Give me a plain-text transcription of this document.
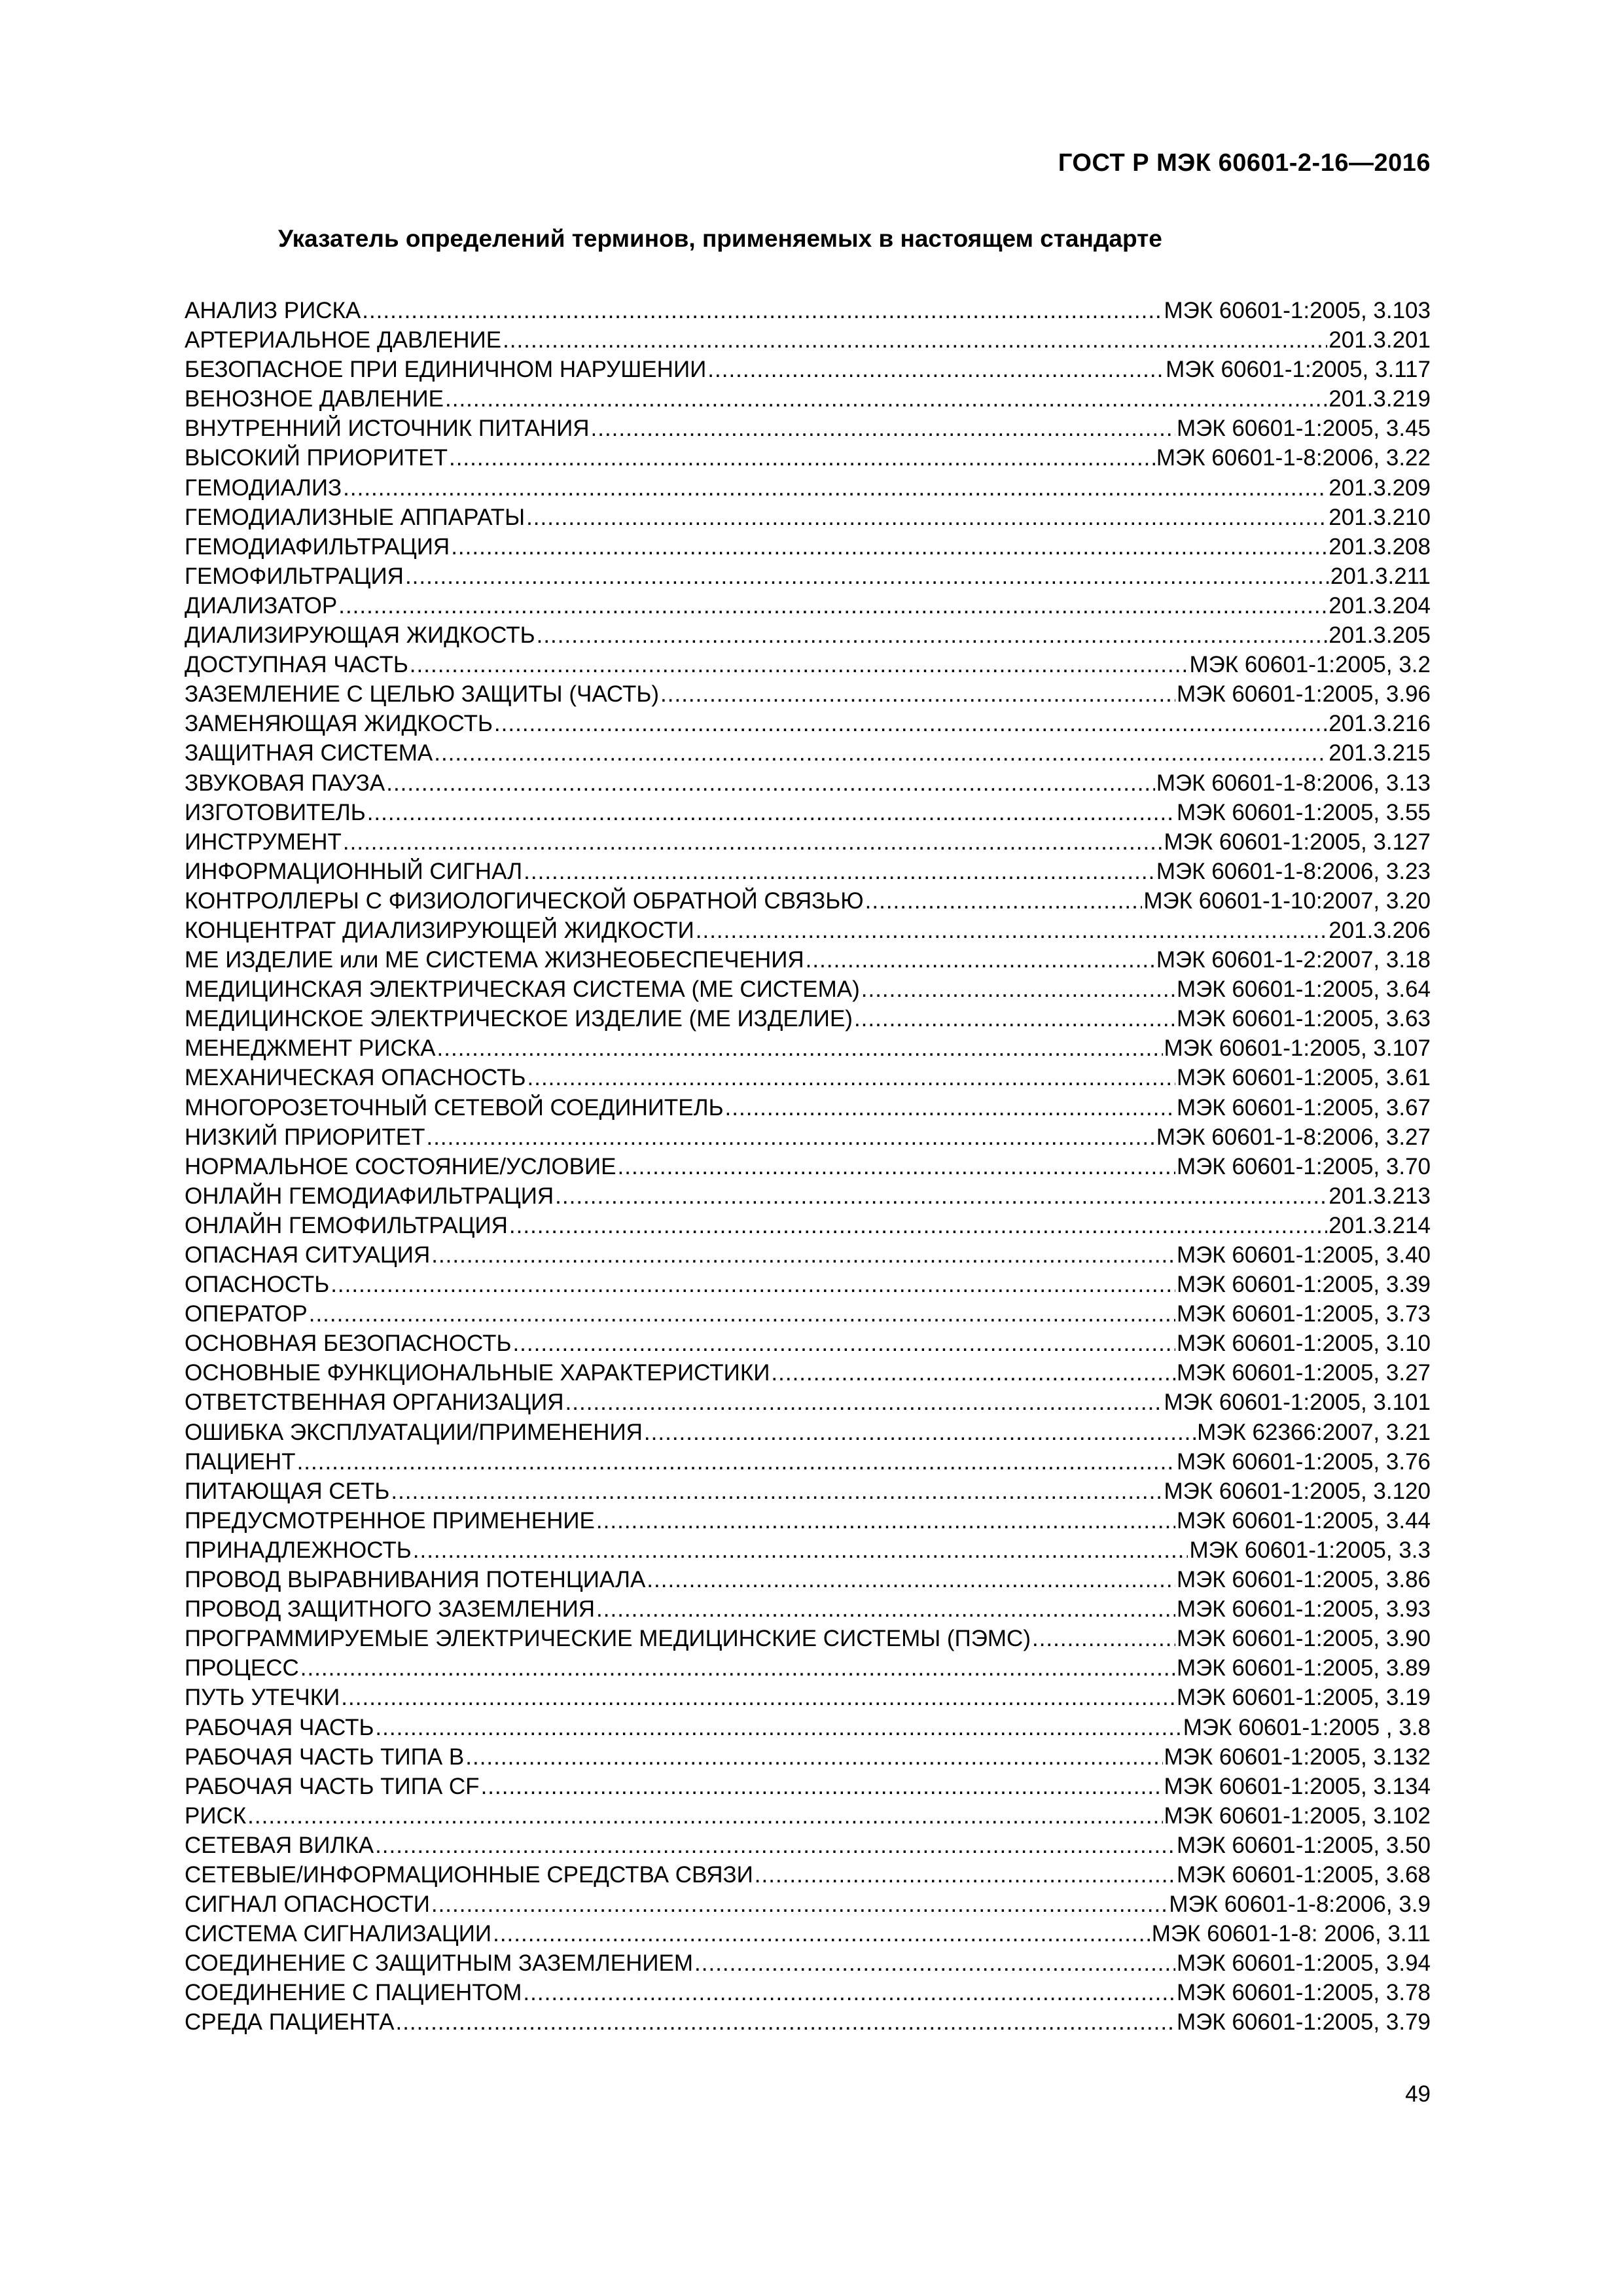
ГОСТ Р МЭК 60601-2-16—2016
Указатель определений терминов, применяемых в настоящем стандарте
АНАЛИЗ РИСКА .....	МЭК 60601-1:2005, 3.103
АРТЕРИАЛЬНОЕ ДАВЛЕНИЕ .....	201.3.201
БЕЗОПАСНОЕ ПРИ ЕДИНИЧНОМ НАРУШЕНИИ .....	МЭК 60601-1:2005, 3.117
ВЕНОЗНОЕ ДАВЛЕНИЕ .....	201.3.219
ВНУТРЕННИЙ ИСТОЧНИК ПИТАНИЯ .....	МЭК 60601-1:2005, 3.45
ВЫСОКИЙ ПРИОРИТЕТ .....	МЭК 60601-1-8:2006, 3.22
ГЕМОДИАЛИЗ .....	201.3.209
ГЕМОДИАЛИЗНЫЕ АППАРАТЫ .....	201.3.210
ГЕМОДИАФИЛЬТРАЦИЯ .....	201.3.208
ГЕМОФИЛЬТРАЦИЯ .....	201.3.211
ДИАЛИЗАТОР .....	201.3.204
ДИАЛИЗИРУЮЩАЯ ЖИДКОСТЬ .....	201.3.205
ДОСТУПНАЯ ЧАСТЬ .....	МЭК 60601-1:2005, 3.2
ЗАЗЕМЛЕНИЕ С ЦЕЛЬЮ ЗАЩИТЫ (ЧАСТЬ) .....	МЭК 60601-1:2005, 3.96
ЗАМЕНЯЮЩАЯ ЖИДКОСТЬ .....	201.3.216
ЗАЩИТНАЯ СИСТЕМА .....	201.3.215
ЗВУКОВАЯ ПАУЗА .....	МЭК 60601-1-8:2006, 3.13
ИЗГОТОВИТЕЛЬ .....	МЭК 60601-1:2005, 3.55
ИНСТРУМЕНТ .....	МЭК 60601-1:2005, 3.127
ИНФОРМАЦИОННЫЙ СИГНАЛ .....	МЭК 60601-1-8:2006, 3.23
КОНТРОЛЛЕРЫ С ФИЗИОЛОГИЧЕСКОЙ ОБРАТНОЙ СВЯЗЬЮ .....	МЭК 60601-1-10:2007, 3.20
КОНЦЕНТРАТ ДИАЛИЗИРУЮЩЕЙ ЖИДКОСТИ .....	201.3.206
МЕ ИЗДЕЛИЕ или МЕ СИСТЕМА ЖИЗНЕОБЕСПЕЧЕНИЯ .....	МЭК 60601-1-2:2007, 3.18
МЕДИЦИНСКАЯ ЭЛЕКТРИЧЕСКАЯ СИСТЕМА (МЕ СИСТЕМА) .....	МЭК 60601-1:2005, 3.64
МЕДИЦИНСКОЕ ЭЛЕКТРИЧЕСКОЕ ИЗДЕЛИЕ (МЕ ИЗДЕЛИЕ) .....	МЭК 60601-1:2005, 3.63
МЕНЕДЖМЕНТ РИСКА .....	МЭК 60601-1:2005, 3.107
МЕХАНИЧЕСКАЯ ОПАСНОСТЬ .....	МЭК 60601-1:2005, 3.61
МНОГОРОЗЕТОЧНЫЙ СЕТЕВОЙ СОЕДИНИТЕЛЬ .....	МЭК 60601-1:2005, 3.67
НИЗКИЙ ПРИОРИТЕТ .....	МЭК 60601-1-8:2006, 3.27
НОРМАЛЬНОЕ СОСТОЯНИЕ/УСЛОВИЕ .....	МЭК 60601-1:2005, 3.70
ОНЛАЙН ГЕМОДИАФИЛЬТРАЦИЯ .....	201.3.213
ОНЛАЙН ГЕМОФИЛЬТРАЦИЯ .....	201.3.214
ОПАСНАЯ СИТУАЦИЯ .....	МЭК 60601-1:2005, 3.40
ОПАСНОСТЬ .....	МЭК 60601-1:2005, 3.39
ОПЕРАТОР .....	МЭК 60601-1:2005, 3.73
ОСНОВНАЯ БЕЗОПАСНОСТЬ .....	МЭК 60601-1:2005, 3.10
ОСНОВНЫЕ ФУНКЦИОНАЛЬНЫЕ ХАРАКТЕРИСТИКИ .....	МЭК 60601-1:2005, 3.27
ОТВЕТСТВЕННАЯ ОРГАНИЗАЦИЯ .....	МЭК 60601-1:2005, 3.101
ОШИБКА ЭКСПЛУАТАЦИИ/ПРИМЕНЕНИЯ .....	МЭК 62366:2007, 3.21
ПАЦИЕНТ .....	МЭК 60601-1:2005, 3.76
ПИТАЮЩАЯ СЕТЬ .....	МЭК 60601-1:2005, 3.120
ПРЕДУСМОТРЕННОЕ ПРИМЕНЕНИЕ .....	МЭК 60601-1:2005, 3.44
ПРИНАДЛЕЖНОСТЬ .....	МЭК 60601-1:2005, 3.3
ПРОВОД ВЫРАВНИВАНИЯ ПОТЕНЦИАЛА .....	МЭК 60601-1:2005, 3.86
ПРОВОД ЗАЩИТНОГО ЗАЗЕМЛЕНИЯ .....	МЭК 60601-1:2005, 3.93
ПРОГРАММИРУЕМЫЕ ЭЛЕКТРИЧЕСКИЕ МЕДИЦИНСКИЕ СИСТЕМЫ (ПЭМС) .....	МЭК 60601-1:2005, 3.90
ПРОЦЕСС .....	МЭК 60601-1:2005, 3.89
ПУТЬ УТЕЧКИ .....	МЭК 60601-1:2005, 3.19
РАБОЧАЯ ЧАСТЬ .....	МЭК 60601-1:2005 , 3.8
РАБОЧАЯ ЧАСТЬ ТИПА В .....	МЭК 60601-1:2005, 3.132
РАБОЧАЯ ЧАСТЬ ТИПА CF .....	МЭК 60601-1:2005, 3.134
РИСК .....	МЭК 60601-1:2005, 3.102
СЕТЕВАЯ ВИЛКА .....	МЭК 60601-1:2005, 3.50
СЕТЕВЫЕ/ИНФОРМАЦИОННЫЕ СРЕДСТВА СВЯЗИ .....	МЭК 60601-1:2005, 3.68
СИГНАЛ ОПАСНОСТИ .....	МЭК 60601-1-8:2006, 3.9
СИСТЕМА СИГНАЛИЗАЦИИ .....	МЭК 60601-1-8: 2006, 3.11
СОЕДИНЕНИЕ С ЗАЩИТНЫМ ЗАЗЕМЛЕНИЕМ .....	МЭК 60601-1:2005, 3.94
СОЕДИНЕНИЕ С ПАЦИЕНТОМ .....	МЭК 60601-1:2005, 3.78
СРЕДА ПАЦИЕНТА .....	МЭК 60601-1:2005, 3.79
49
